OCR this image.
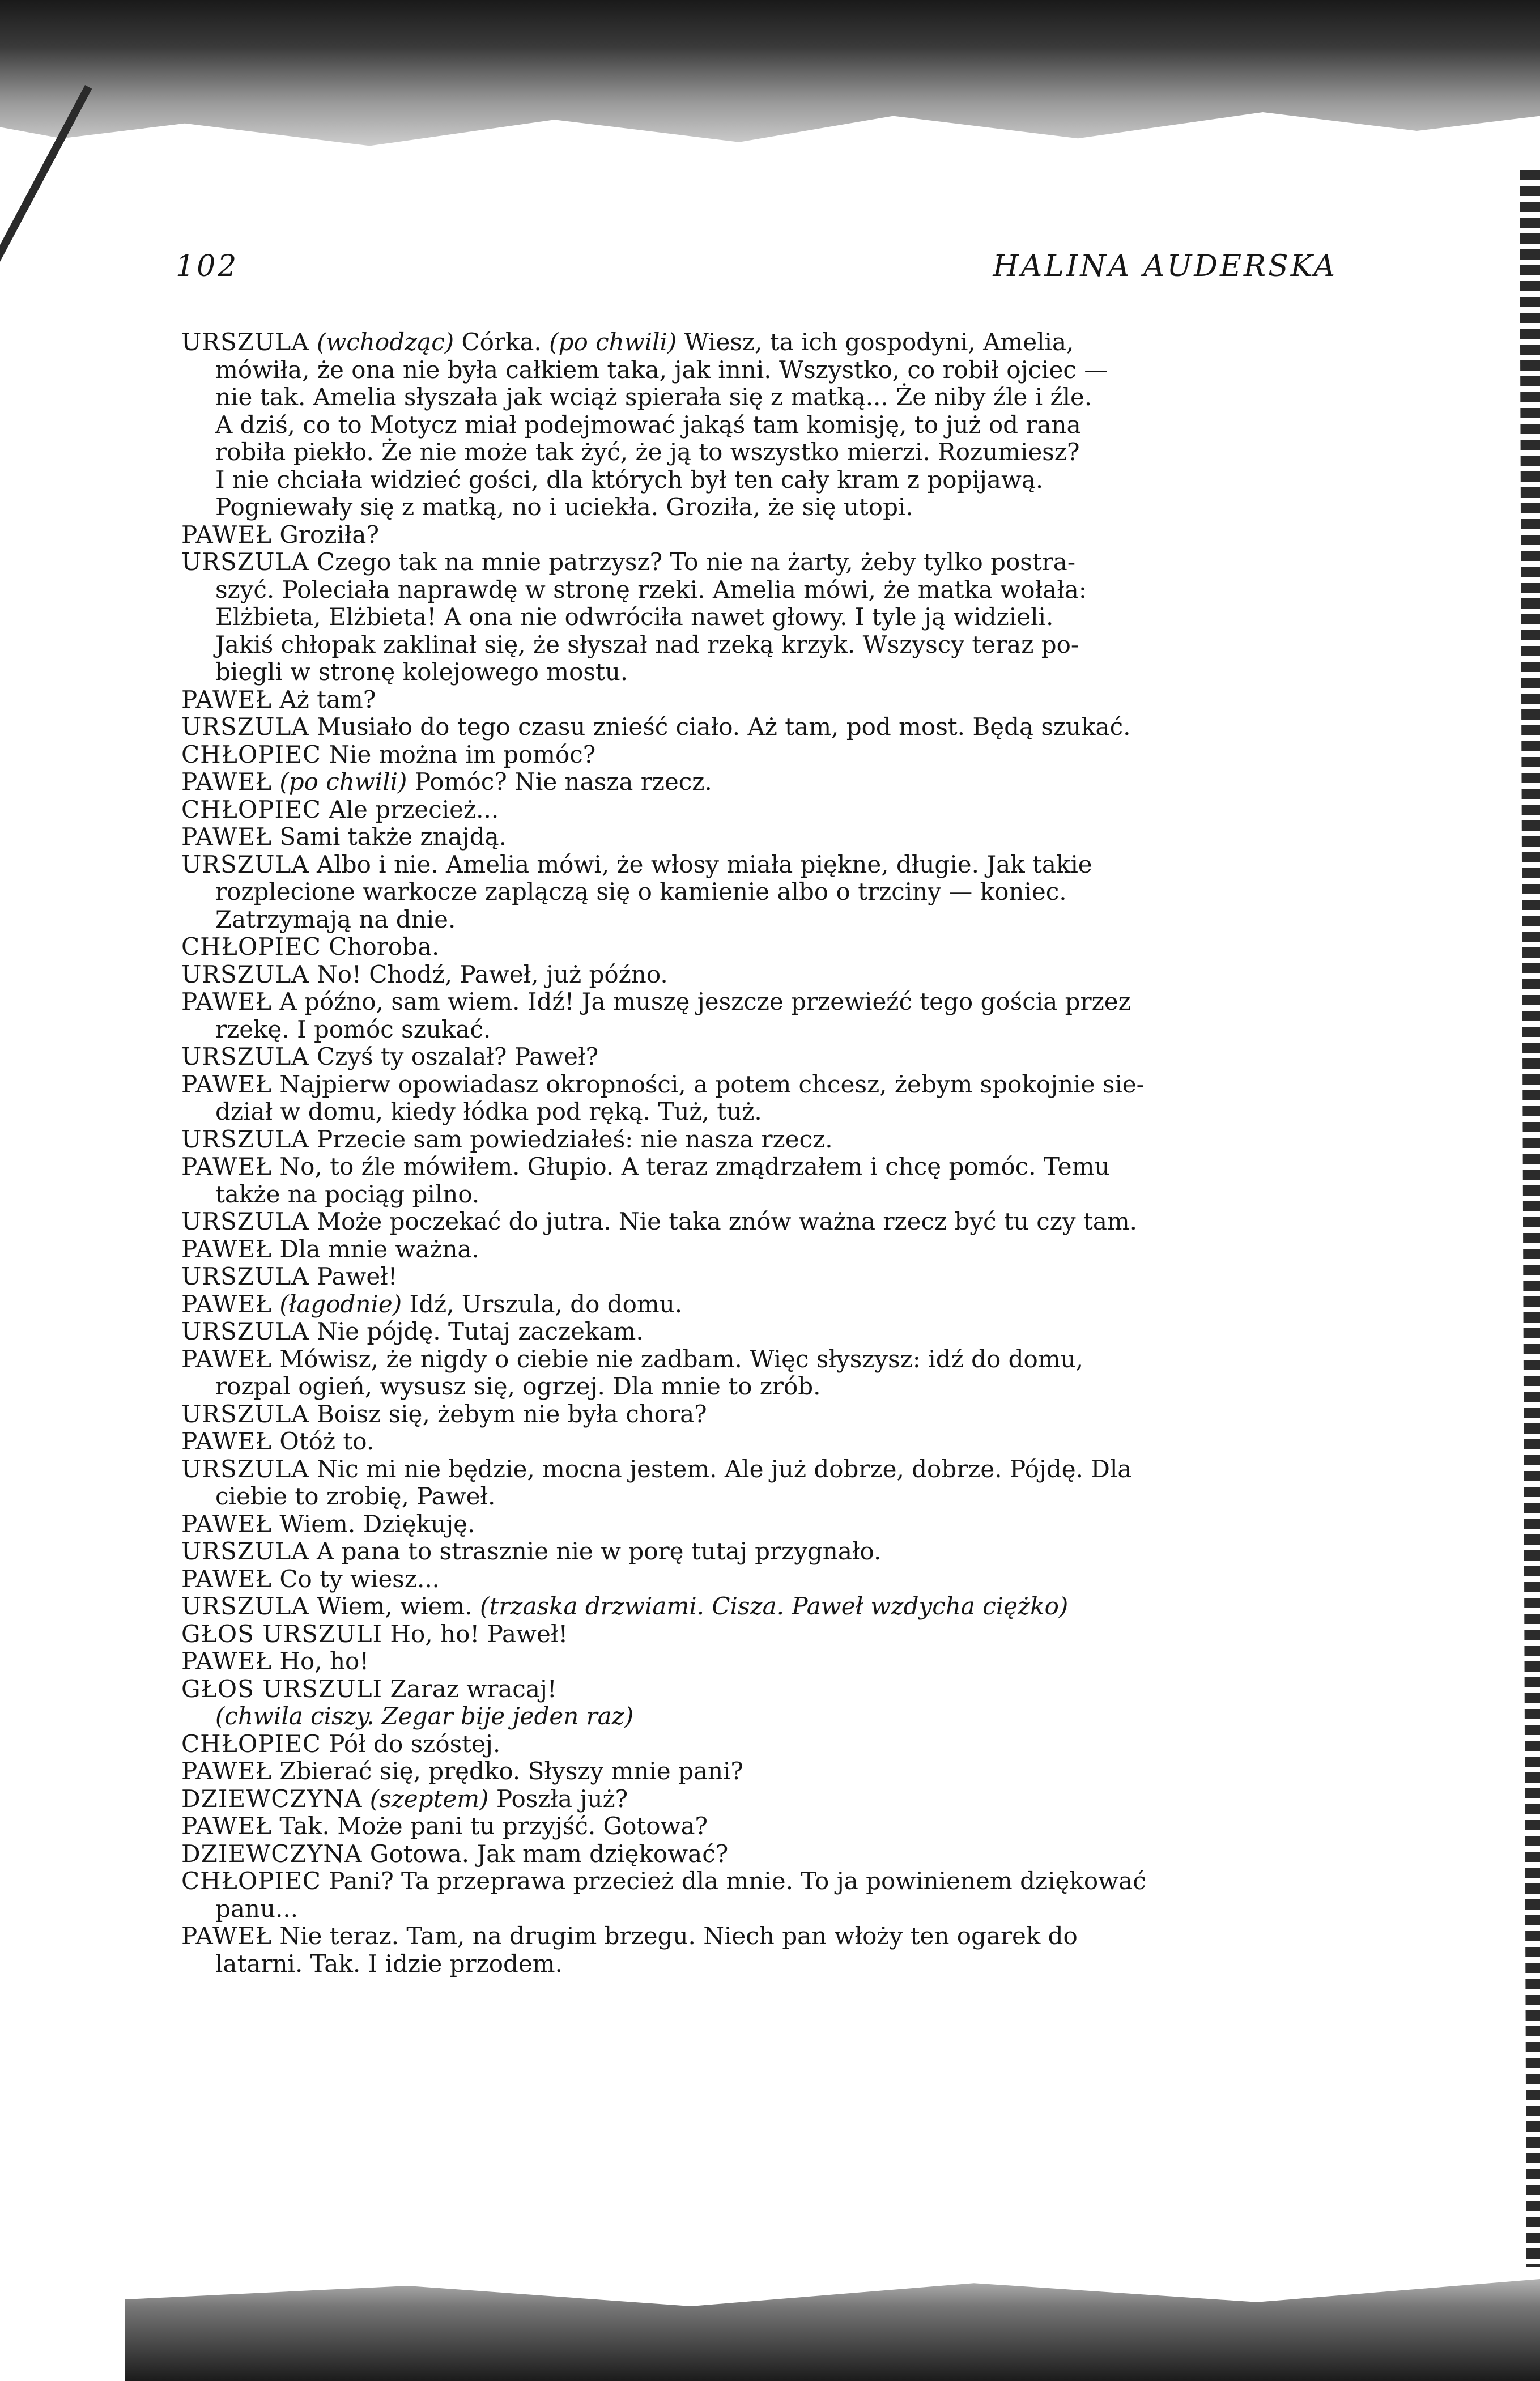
102	HALINA AUDERSKA
URSZULA (wchodząc) Córka. (po chwili) Wiesz, ta ich gospodyni, Amelia,
mówiła, że ona nie była całkiem taka, jak inni. Wszystko, co robił ojciec —
nie tak. Amelia słyszała jak wciąż spierała się z matką... Że niby źle i źle.
A dziś, co to Motycz miał podejmować jakąś tam komisję, to już od rana
robiła piekło. Że nie może tak żyć, że ją to wszystko mierzi. Rozumiesz?
I nie chciała widzieć gości, dla których był ten cały kram z popijawą.
Pogniewały się z matką, no i uciekła. Groziła, że się utopi.
PAWEŁ Groziła?
URSZULA Czego tak na mnie patrzysz? To nie na żarty, żeby tylko postra-
szyć. Poleciała naprawdę w stronę rzeki. Amelia mówi, że matka wołała:
Elżbieta, Elżbieta! A ona nie odwróciła nawet głowy. I tyle ją widzieli.
Jakiś chłopak zaklinał się, że słyszał nad rzeką krzyk. Wszyscy teraz po-
biegli w stronę kolejowego mostu.
PAWEŁ Aż tam?
URSZULA Musiało do tego czasu znieść ciało. Aż tam, pod most. Będą szukać.
CHŁOPIEC Nie można im pomóc?
PAWEŁ (po chwili) Pomóc? Nie nasza rzecz.
CHŁOPIEC Ale przecież...
PAWEŁ Sami także znajdą.
URSZULA Albo i nie. Amelia mówi, że włosy miała piękne, długie. Jak takie
rozplecione warkocze zaplączą się o kamienie albo o trzciny — koniec.
Zatrzymają na dnie.
CHŁOPIEC Choroba.
URSZULA No! Chodź, Paweł, już późno.
PAWEŁ A późno, sam wiem. Idź! Ja muszę jeszcze przewieźć tego gościa przez
rzekę. I pomóc szukać.
URSZULA Czyś ty oszalał? Paweł?
PAWEŁ Najpierw opowiadasz okropności, a potem chcesz, żebym spokojnie sie-
dział w domu, kiedy łódka pod ręką. Tuż, tuż.
URSZULA Przecie sam powiedziałeś: nie nasza rzecz.
PAWEŁ No, to źle mówiłem. Głupio. A teraz zmądrzałem i chcę pomóc. Temu
także na pociąg pilno.
URSZULA Może poczekać do jutra. Nie taka znów ważna rzecz być tu czy tam.
PAWEŁ Dla mnie ważna.
URSZULA Paweł!
PAWEŁ (łagodnie) Idź, Urszula, do domu.
URSZULA Nie pójdę. Tutaj zaczekam.
PAWEŁ Mówisz, że nigdy o ciebie nie zadbam. Więc słyszysz: idź do domu,
rozpal ogień, wysusz się, ogrzej. Dla mnie to zrób.
URSZULA Boisz się, żebym nie była chora?
PAWEŁ Otóż to.
URSZULA Nic mi nie będzie, mocna jestem. Ale już dobrze, dobrze. Pójdę. Dla
ciebie to zrobię, Paweł.
PAWEŁ Wiem. Dziękuję.
URSZULA A pana to strasznie nie w porę tutaj przygnało.
PAWEŁ Co ty wiesz...
URSZULA Wiem, wiem. (trzaska drzwiami. Cisza. Paweł wzdycha ciężko)
GŁOS URSZULI Ho, ho! Paweł!
PAWEŁ Ho, ho!
GŁOS URSZULI Zaraz wracaj!
(chwila ciszy. Zegar bije jeden raz)
CHŁOPIEC Pół do szóstej.
PAWEŁ Zbierać się, prędko. Słyszy mnie pani?
DZIEWCZYNA (szeptem) Poszła już?
PAWEŁ Tak. Może pani tu przyjść. Gotowa?
DZIEWCZYNA Gotowa. Jak mam dziękować?
CHŁOPIEC Pani? Ta przeprawa przecież dla mnie. To ja powinienem dziękować
panu...
PAWEŁ Nie teraz. Tam, na drugim brzegu. Niech pan włoży ten ogarek do
latarni. Tak. I idzie przodem.
